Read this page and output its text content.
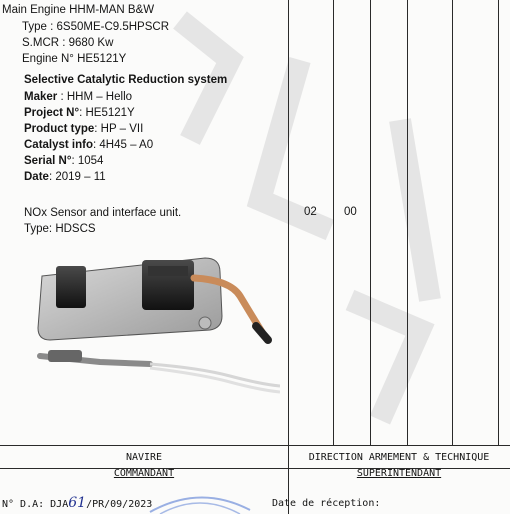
Main Engine HHM-MAN B&W
Type : 6S50ME-C9.5HPSCR
S.MCR : 9680 Kw
Engine N° HE5121Y
Selective Catalytic Reduction system
Maker : HHM – Hello
Project N°: HE5121Y
Product type: HP – VII
Catalyst info: 4H45 – A0
Serial N°: 1054
Date: 2019 – 11
NOx Sensor and interface unit.
Type: HDSCS
02 00
NAVIRE
COMMANDANT
DIRECTION ARMEMENT & TECHNIQUE
SUPERINTENDANT
N° D.A: DJA61/PR/09/2023	Date de réception:
